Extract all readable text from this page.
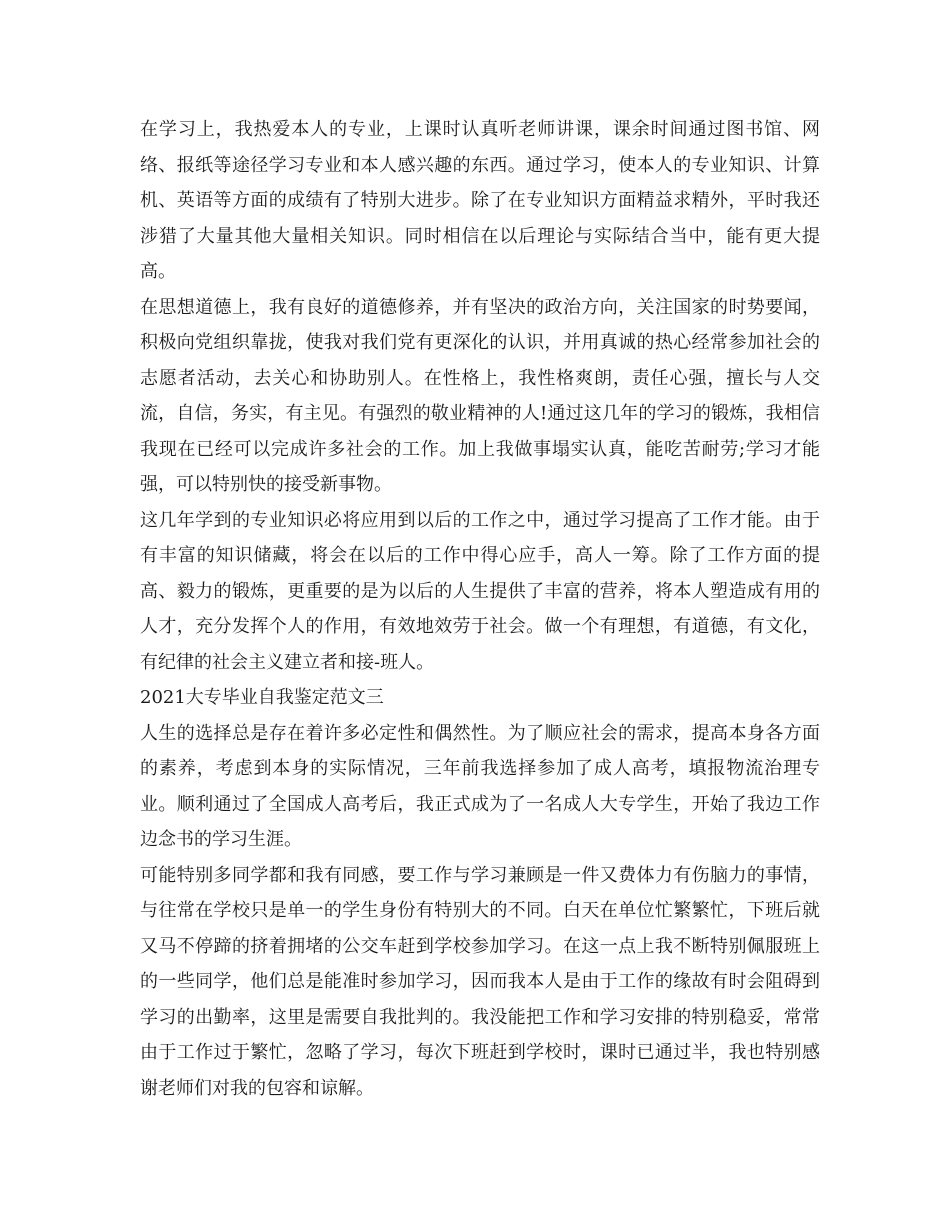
在学习上，我热爱本人的专业，上课时认真听老师讲课，课余时间通过图书馆、网络、报纸等途径学习专业和本人感兴趣的东西。通过学习，使本人的专业知识、计算机、英语等方面的成绩有了特别大进步。除了在专业知识方面精益求精外，平时我还涉猎了大量其他大量相关知识。同时相信在以后理论与实际结合当中，能有更大提高。

在思想道德上，我有良好的道德修养，并有坚决的政治方向，关注国家的时势要闻，积极向党组织靠拢，使我对我们党有更深化的认识，并用真诚的热心经常参加社会的志愿者活动，去关心和协助别人。在性格上，我性格爽朗，责任心强，擅长与人交流，自信，务实，有主见。有强烈的敬业精神的人!通过这几年的学习的锻炼，我相信我现在已经可以完成许多社会的工作。加上我做事塌实认真，能吃苦耐劳;学习才能强，可以特别快的接受新事物。

这几年学到的专业知识必将应用到以后的工作之中，通过学习提高了工作才能。由于有丰富的知识储藏，将会在以后的工作中得心应手，高人一筹。除了工作方面的提高、毅力的锻炼，更重要的是为以后的人生提供了丰富的营养，将本人塑造成有用的人才，充分发挥个人的作用，有效地效劳于社会。做一个有理想，有道德，有文化，有纪律的社会主义建立者和接-班人。

2021大专毕业自我鉴定范文三

人生的选择总是存在着许多必定性和偶然性。为了顺应社会的需求，提高本身各方面的素养，考虑到本身的实际情况，三年前我选择参加了成人高考，填报物流治理专业。顺利通过了全国成人高考后，我正式成为了一名成人大专学生，开始了我边工作边念书的学习生涯。

可能特别多同学都和我有同感，要工作与学习兼顾是一件又费体力有伤脑力的事情，与往常在学校只是单一的学生身份有特别大的不同。白天在单位忙繁繁忙，下班后就又马不停蹄的挤着拥堵的公交车赶到学校参加学习。在这一点上我不断特别佩服班上的一些同学，他们总是能准时参加学习，因而我本人是由于工作的缘故有时会阻碍到学习的出勤率，这里是需要自我批判的。我没能把工作和学习安排的特别稳妥，常常由于工作过于繁忙，忽略了学习，每次下班赶到学校时，课时已通过半，我也特别感谢老师们对我的包容和谅解。
